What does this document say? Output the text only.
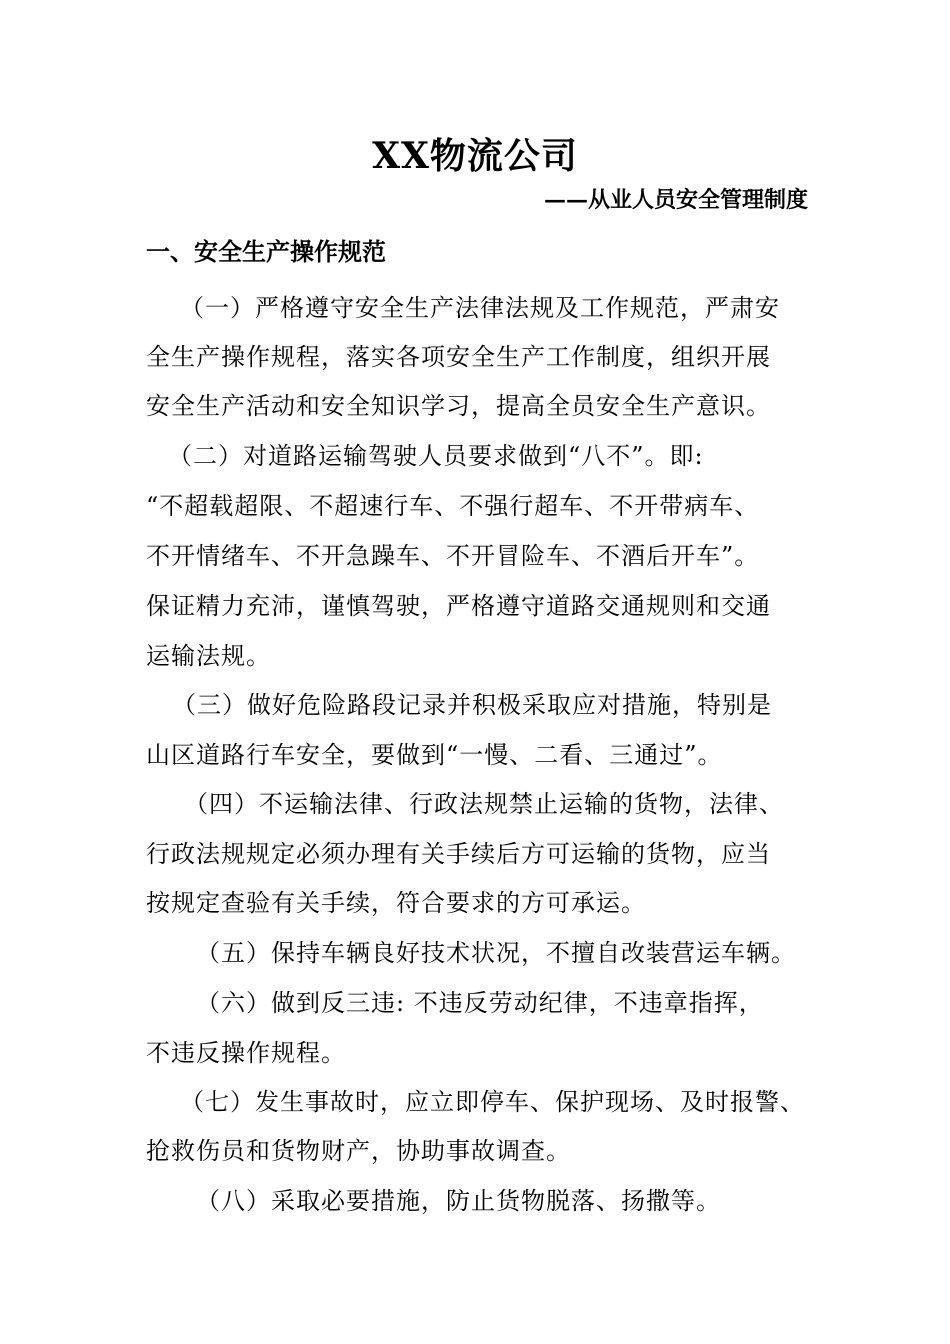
XX物流公司
——从业人员安全管理制度
一、安全生产操作规范
（一）严格遵守安全生产法律法规及工作规范，严肃安
全生产操作规程，落实各项安全生产工作制度，组织开展
安全生产活动和安全知识学习，提高全员安全生产意识。
（二）对道路运输驾驶人员要求做到“八不”。即:
“不超载超限、不超速行车、不强行超车、不开带病车、
不开情绪车、不开急躁车、不开冒险车、不酒后开车”。
保证精力充沛，谨慎驾驶，严格遵守道路交通规则和交通
运输法规。
（三）做好危险路段记录并积极采取应对措施，特别是
山区道路行车安全，要做到“一慢、二看、三通过”。
（四）不运输法律、行政法规禁止运输的货物，法律、
行政法规规定必须办理有关手续后方可运输的货物，应当
按规定查验有关手续，符合要求的方可承运。
（五）保持车辆良好技术状况，不擅自改装营运车辆。
（六）做到反三违: 不违反劳动纪律，不违章指挥，
不违反操作规程。
（七）发生事故时，应立即停车、保护现场、及时报警、
抢救伤员和货物财产，协助事故调查。
（八）采取必要措施，防止货物脱落、扬撒等。
